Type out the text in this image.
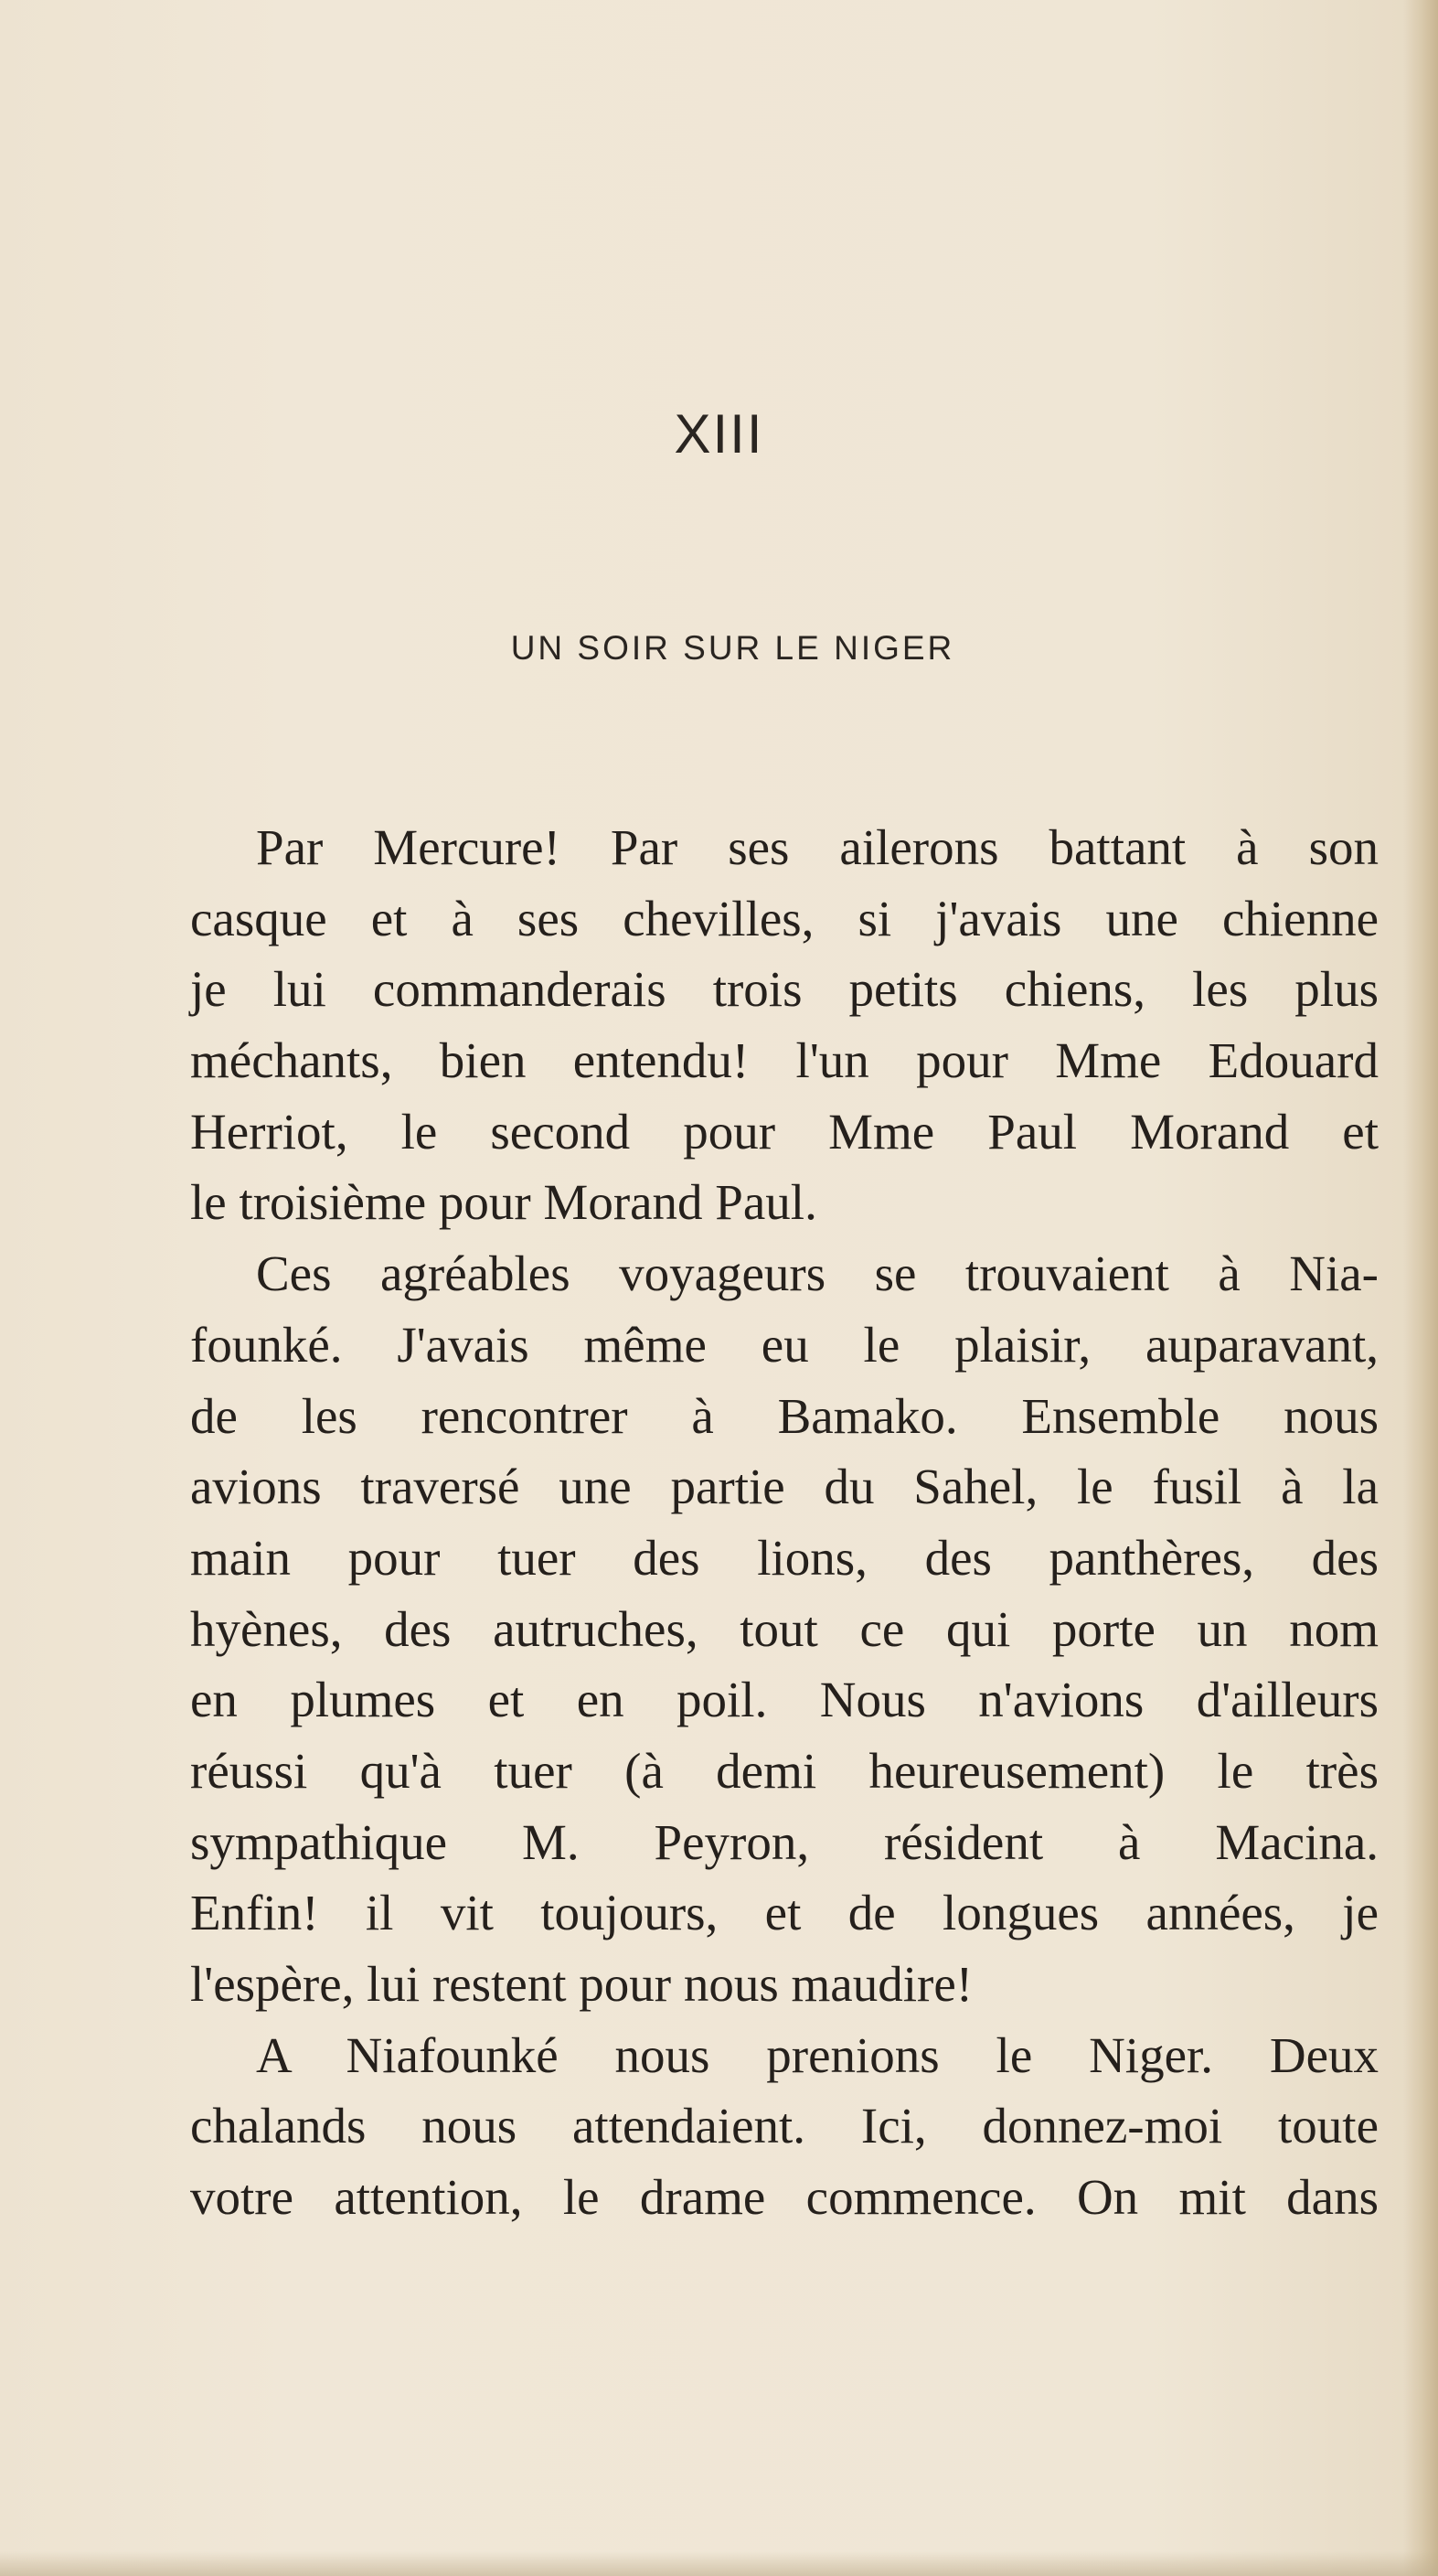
XIII
UN SOIR SUR LE NIGER
Par Mercure! Par ses ailerons battant à son
casque et à ses chevilles, si j'avais une chienne
je lui commanderais trois petits chiens, les plus
méchants, bien entendu! l'un pour Mme Edouard
Herriot, le second pour Mme Paul Morand et
le troisième pour Morand Paul.
Ces agréables voyageurs se trouvaient à Nia-
founké. J'avais même eu le plaisir, auparavant,
de les rencontrer à Bamako. Ensemble nous
avions traversé une partie du Sahel, le fusil à la
main pour tuer des lions, des panthères, des
hyènes, des autruches, tout ce qui porte un nom
en plumes et en poil. Nous n'avions d'ailleurs
réussi qu'à tuer (à demi heureusement) le très
sympathique M. Peyron, résident à Macina.
Enfin! il vit toujours, et de longues années, je
l'espère, lui restent pour nous maudire!
A Niafounké nous prenions le Niger. Deux
chalands nous attendaient. Ici, donnez-moi toute
votre attention, le drame commence. On mit dans
